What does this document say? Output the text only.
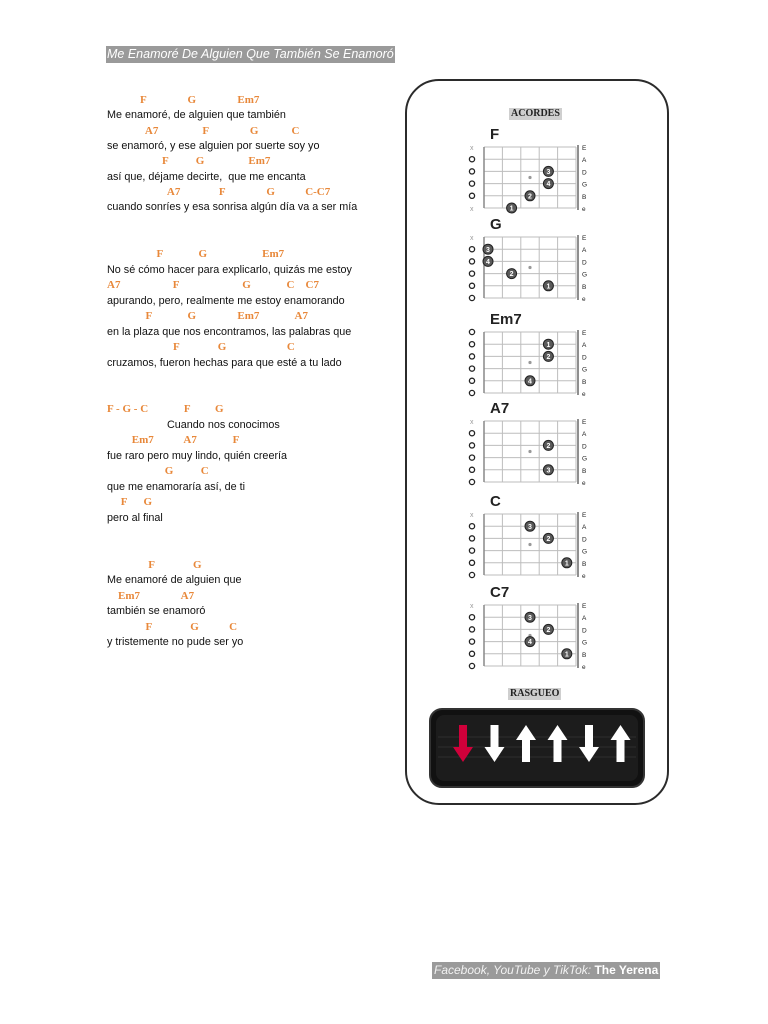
Me Enamoré De Alguien Que También Se Enamoró
F               G               Em7
Me enamoré, de alguien que también
A7                F               G            C
se enamoró, y ese alguien por suerte soy yo
F          G                Em7
así que, déjame decirte,  que me encanta
A7              F               G           C-C7
cuando sonríes y esa sonrisa algún día va a ser mía
F             G                    Em7
No sé cómo hacer para explicarlo, quizás me estoy
A7                   F                       G             C    C7
apurando, pero, realmente me estoy enamorando
F             G               Em7             A7
en la plaza que nos encontramos, las palabras que
F              G                      C
cruzamos, fueron hechas para que esté a tu lado
F - G - C             F         G
Cuando nos conocimos
Em7           A7             F
fue raro pero muy lindo, quién creería
G          C
que me enamoraría así, de ti
F      G
pero al final
F              G
Me enamoré de alguien que
Em7               A7
también se enamoró
F              G           C
y tristemente no pude ser yo
ACORDES
F
E
x
A
D
G
B
e
x
3
4
2
1
G
E
x
A
D
G
B
e
3
4
2
1
Em7
E
A
D
G
B
e
1
2
4
A7
E
x
A
D
G
B
e
2
3
C
E
x
A
D
G
B
e
3
2
1
C7
E
x
A
D
G
B
e
3
2
4
1
RASGUEO
Facebook, YouTube y TikTok: The Yerena
